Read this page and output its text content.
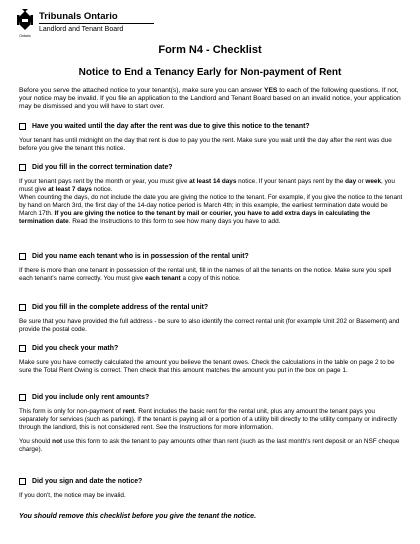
Ontario
Tribunals Ontario
Landlord and Tenant Board
Form N4 - Checklist
Notice to End a Tenancy Early for Non-payment of Rent
Before you serve the attached notice to your tenant(s), make sure you can answer YES to each of the following questions. If not, your notice may be invalid. If you file an application to the Landlord and Tenant Board based on an invalid notice, your application may be dismissed and you will have to start over.
Have you waited until the day after the rent was due to give this notice to the tenant?

Your tenant has until midnight on the day that rent is due to pay you the rent. Make sure you wait until the day after the rent was due before you give the tenant this notice.

Did you fill in the correct termination date?

If your tenant pays rent by the month or year, you must give at least 14 days notice. If your tenant pays rent by the day or week, you must give at least 7 days notice.
When counting the days, do not include the date you are giving the notice to the tenant. For example, if you give the notice to the tenant by hand on March 3rd, the first day of the 14-day notice period is March 4th; in this example, the earliest termination date would be March 17th. If you are giving the notice to the tenant by mail or courier, you have to add extra days in calculating the termination date. Read the Instructions to this form to see how many days you have to add.

Did you name each tenant who is in possession of the rental unit?

If there is more than one tenant in possession of the rental unit, fill in the names of all the tenants on the notice. Make sure you spell each tenant's name correctly. You must give each tenant a copy of this notice.

Did you fill in the complete address of the rental unit?

Be sure that you have provided the full address - be sure to also identify the correct rental unit (for example Unit 202 or Basement) and provide the postal code.

Did you check your math?

Make sure you have correctly calculated the amount you believe the tenant owes. Check the calculations in the table on page 2 to be sure the Total Rent Owing is correct. Then check that this amount matches the amount you put in the box on page 1.

Did you include only rent amounts?

This form is only for non-payment of rent. Rent includes the basic rent for the rental unit, plus any amount the tenant pays you separately for services (such as parking). If the tenant is paying all or a portion of a utility bill directly to the utility company or indirectly through the landlord, this is not considered rent. See the Instructions for more information.

You should not use this form to ask the tenant to pay amounts other than rent (such as the last month's rent deposit or an NSF cheque charge).

Did you sign and date the notice?

If you don't, the notice may be invalid.

You should remove this checklist before you give the tenant the notice.
